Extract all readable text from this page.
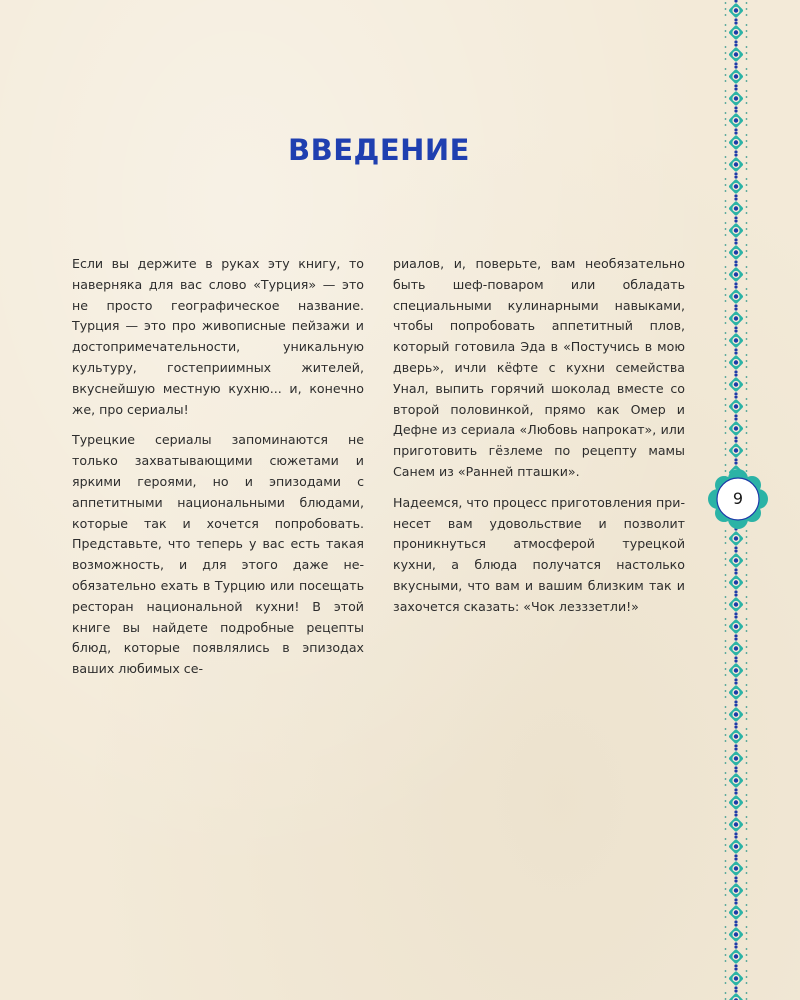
ВВЕДЕНИЕ

Если вы держите в руках эту книгу, то наверняка для вас слово «Турция» — это не просто географическое название. Турция — это про живописные пейзажи и достопримечательности, уникальную культуру, гостеприимных жителей, вкуснейшую местную кухню... и, конечно же, про сериалы!

Турецкие сериалы запоминаются не только захватывающими сюжетами и яркими героями, но и эпизодами с аппетитными национальными блюдами, которые так и хочется попробовать. Представьте, что теперь у вас есть такая возможность, и для этого даже необязательно ехать в Турцию или посещать ресторан национальной кухни! В этой книге вы найдете подробные рецепты блюд, которые появлялись в эпизодах ваших любимых се-

риалов, и, поверьте, вам необязательно быть шеф-поваром или обладать специальными кулинарными навыками, чтобы попробовать аппетитный плов, который готовила Эда в «Постучись в мою дверь», ичли кёфте с кухни семейства Унал, выпить горячий шоколад вместе со второй половинкой, прямо как Омер и Дефне из сериала «Любовь напрокат», или приготовить гёзлеме по рецепту мамы Санем из «Ранней пташки».

Надеемся, что процесс приготовления принесет вам удовольствие и позволит проникнуться атмосферой турецкой кухни, а блюда получатся настолько вкусными, что вам и вашим близким так и захочется сказать: «Чок лезззетли!»

9
